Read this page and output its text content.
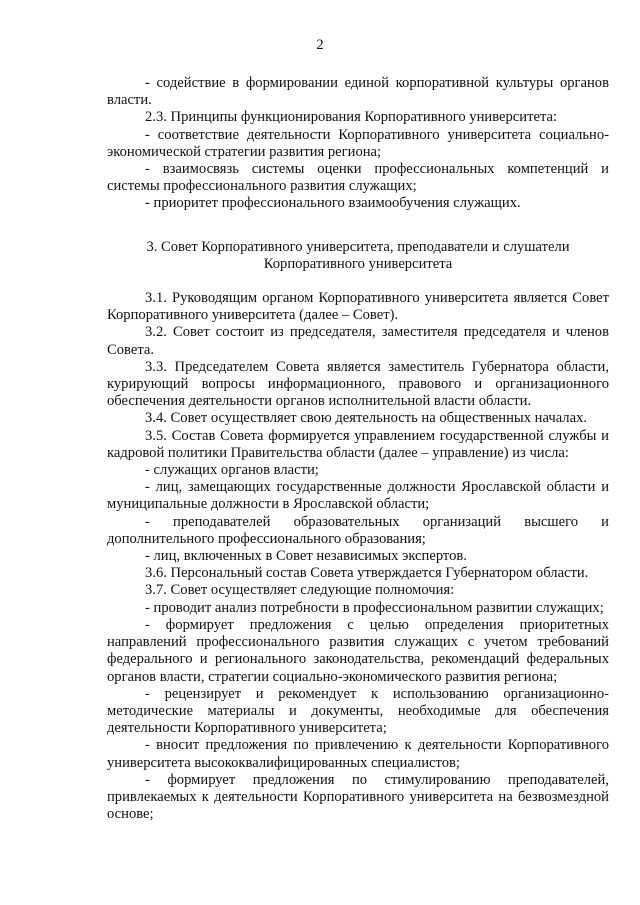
2

- содействие в формировании единой корпоративной культуры органов власти.

2.3. Принципы функционирования Корпоративного университета:

- соответствие деятельности Корпоративного университета социально-экономической стратегии развития региона;

- взаимосвязь системы оценки профессиональных компетенций и системы профессионального развития служащих;

- приоритет профессионального взаимообучения служащих.

3. Совет Корпоративного университета, преподаватели и слушатели Корпоративного университета

3.1. Руководящим органом Корпоративного университета является Совет Корпоративного университета (далее – Совет).

3.2. Совет состоит из председателя, заместителя председателя и членов Совета.

3.3. Председателем Совета является заместитель Губернатора области, курирующий вопросы информационного, правового и организационного обеспечения деятельности органов исполнительной власти области.

3.4. Совет осуществляет свою деятельность на общественных началах.

3.5. Состав Совета формируется управлением государственной службы и кадровой политики Правительства области (далее – управление) из числа:

- служащих органов власти;

- лиц, замещающих государственные должности Ярославской области и муниципальные должности в Ярославской области;

- преподавателей образовательных организаций высшего и дополнительного профессионального образования;

- лиц, включенных в Совет независимых экспертов.

3.6. Персональный состав Совета утверждается Губернатором области.

3.7. Совет осуществляет следующие полномочия:

- проводит анализ потребности в профессиональном развитии служащих;

- формирует предложения с целью определения приоритетных направлений профессионального развития служащих с учетом требований федерального и регионального законодательства, рекомендаций федеральных органов власти, стратегии социально-экономического развития региона;

- рецензирует и рекомендует к использованию организационно-методические материалы и документы, необходимые для обеспечения деятельности Корпоративного университета;

- вносит предложения по привлечению к деятельности Корпоративного университета высококвалифицированных специалистов;

- формирует предложения по стимулированию преподавателей, привлекаемых к деятельности Корпоративного университета на безвозмездной основе;
